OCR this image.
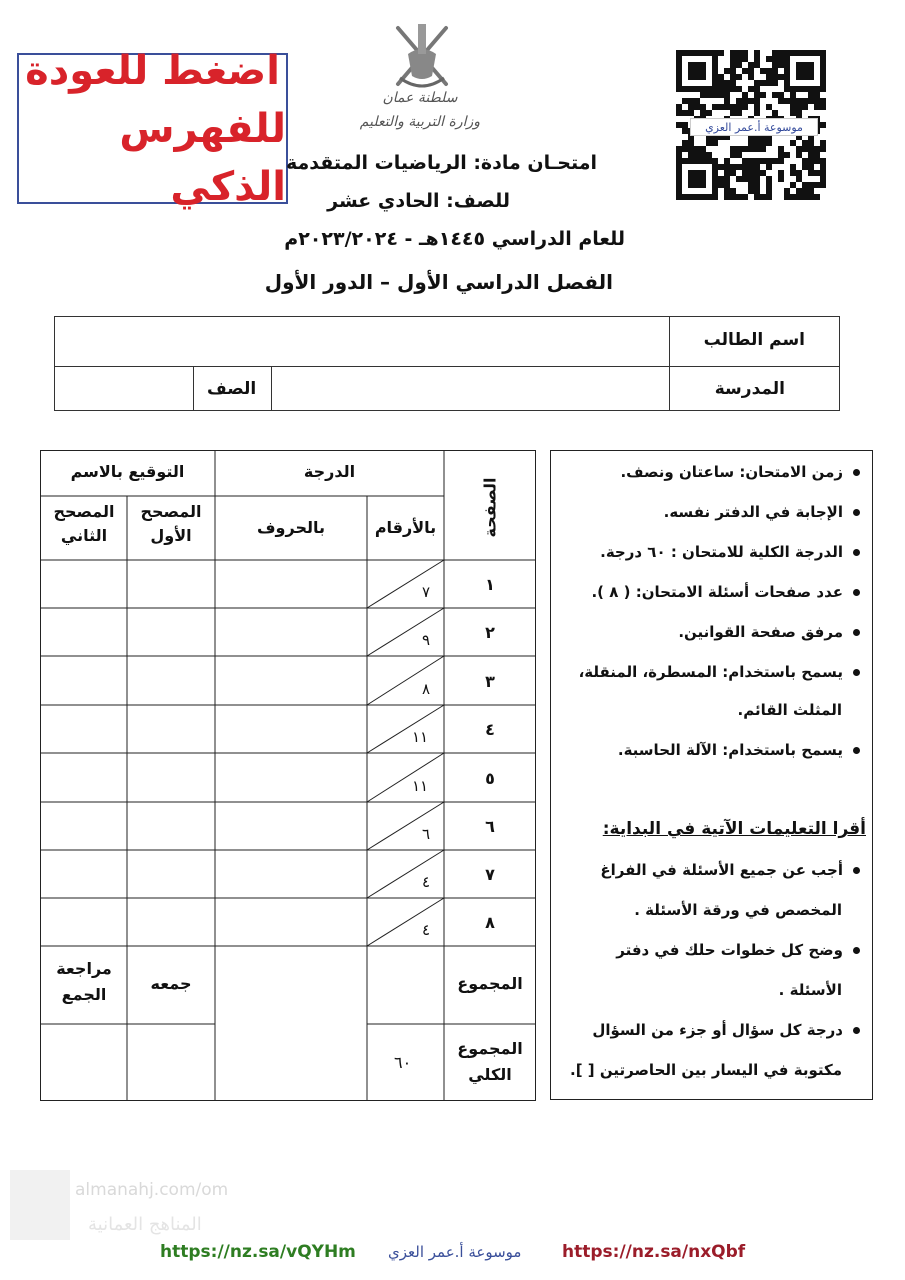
اضغط للعودة
للفهرس الذكي
سلطنة عمان
وزارة التربية والتعليم	موسوعة أ.عمر العزي
امتحـان مادة: الرياضيات المتقدمة
للصف: الحادي عشر
للعام الدراسي ١٤٤٥هـ - ٢٠٢٣/٢٠٢٤م
الفصل الدراسي الأول – الدور الأول
اسم الطالب
المدرسة
الصف
زمن الامتحان: ساعتان ونصف.
الإجابة في الدفتر نفسه.
الدرجة الكلية للامتحان : ٦٠ درجة.
عدد صفحات أسئلة الامتحان: ( ٨ ).
مرفق صفحة القوانين.
يسمح باستخدام: المسطرة، المنقلة،
المثلث القائم.
يسمح باستخدام: الآلة الحاسبة.
أقرا التعليمات الآتية في البداية:
أجب عن جميع الأسئلة في الفراغ
المخصص في ورقة الأسئلة .
وضح كل خطوات حلك في دفتر
الأسئلة .
درجة كل سؤال أو جزء من السؤال
مكتوبة في اليسار بين الحاصرتين [ ].
الصفحة
الدرجة
بالأرقام
بالحروف
التوقيع بالاسم
المصحح الأول
المصحح الثاني
١
٧
٢
٩
٣
٨
٤
١١
٥
١١
٦
٦
٧
٤
٨
٤
المجموع
المجموع الكلي
٦٠
جمعه
مراجعة الجمع
almanahj.com/om
المناهج العمانية
https://nz.sa/vQYHm موسوعة أ.عمر العزي https://nz.sa/nxQbf
